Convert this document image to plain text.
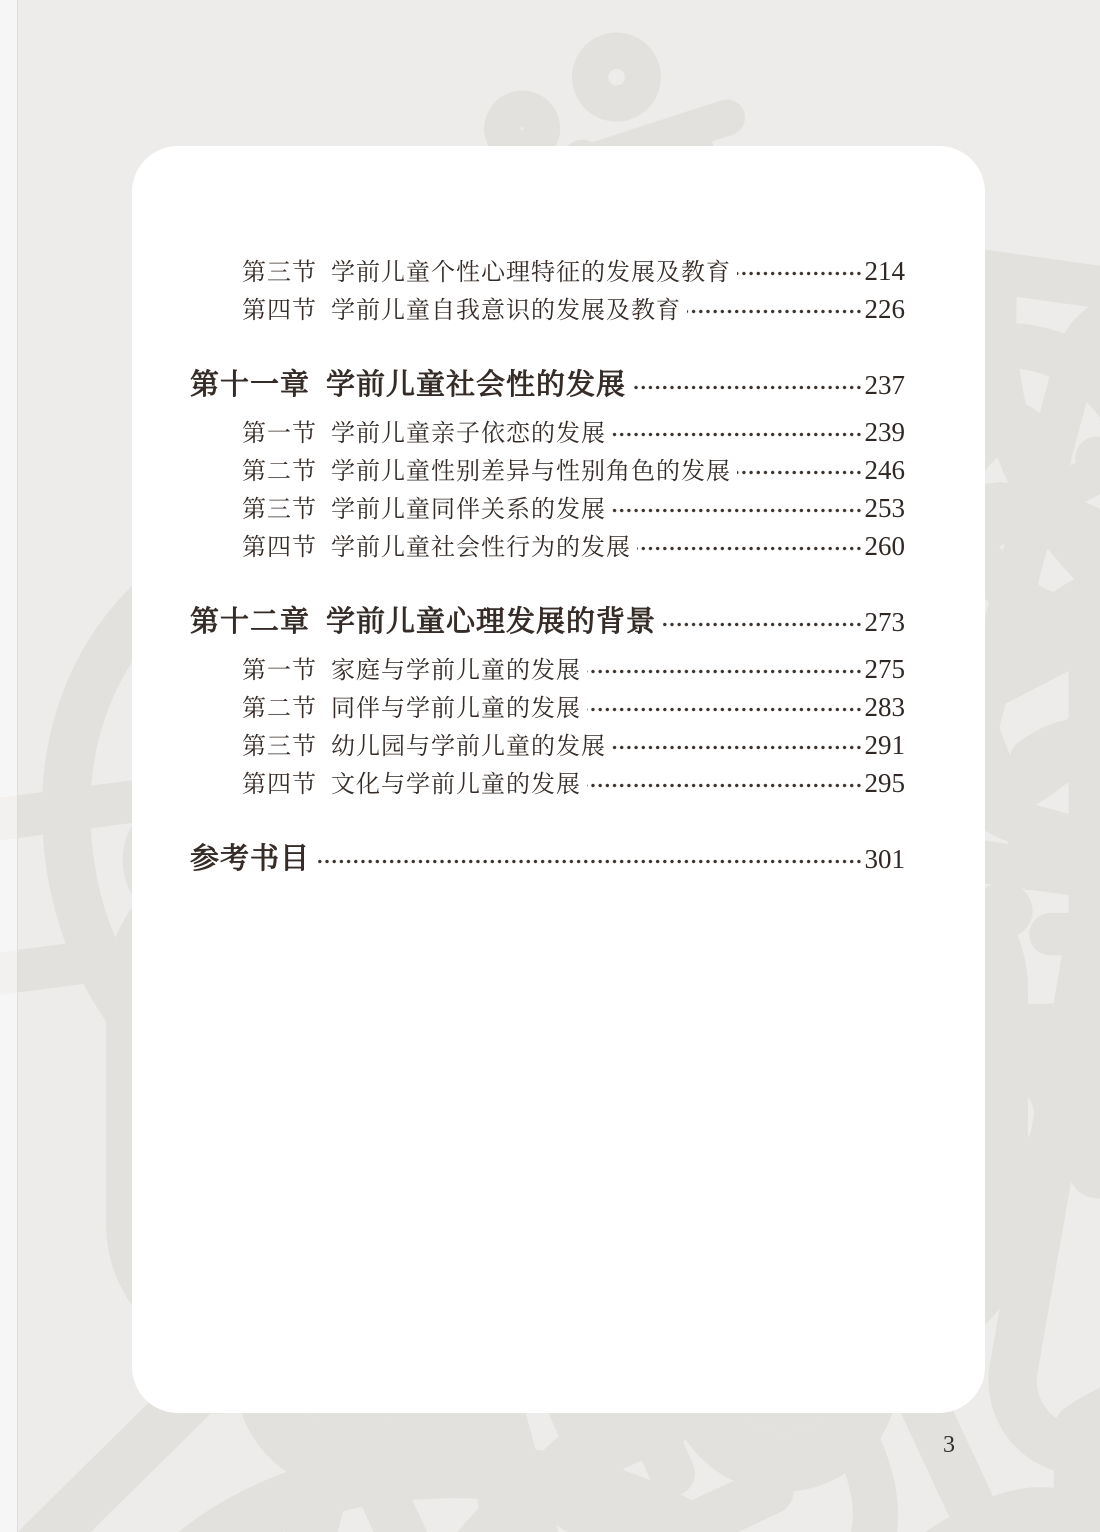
第三节 学前儿童个性心理特征的发展及教育	214
第四节 学前儿童自我意识的发展及教育	226
第十一章 学前儿童社会性的发展	237
第一节 学前儿童亲子依恋的发展	239
第二节 学前儿童性别差异与性别角色的发展	246
第三节 学前儿童同伴关系的发展	253
第四节 学前儿童社会性行为的发展	260
第十二章 学前儿童心理发展的背景	273
第一节 家庭与学前儿童的发展	275
第二节 同伴与学前儿童的发展	283
第三节 幼儿园与学前儿童的发展	291
第四节 文化与学前儿童的发展	295
参考书目	301
3
